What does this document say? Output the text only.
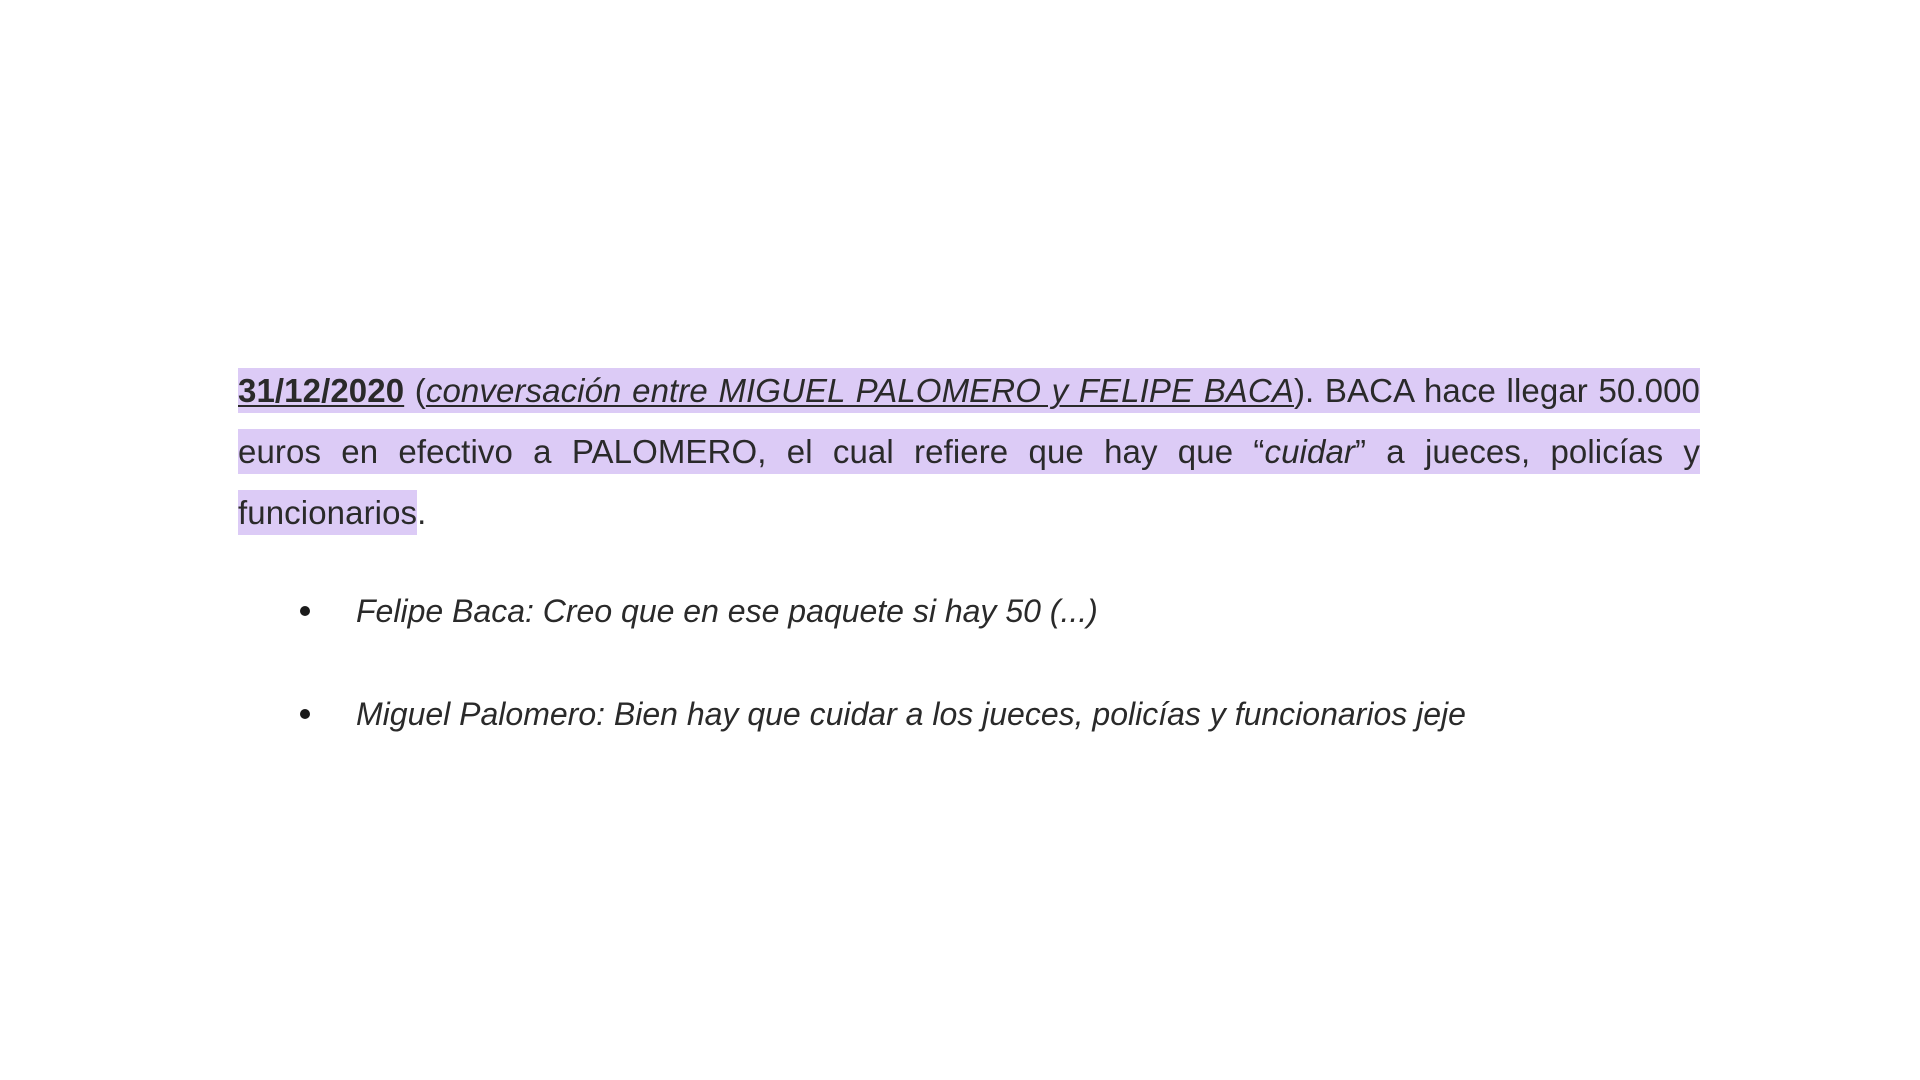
31/12/2020 (conversación entre MIGUEL PALOMERO y FELIPE BACA). BACA hace llegar 50.000 euros en efectivo a PALOMERO, el cual refiere que hay que “cuidar” a jueces, policías y funcionarios.

Felipe Baca: Creo que en ese paquete si hay 50 (...)
Miguel Palomero: Bien hay que cuidar a los jueces, policías y funcionarios jeje
